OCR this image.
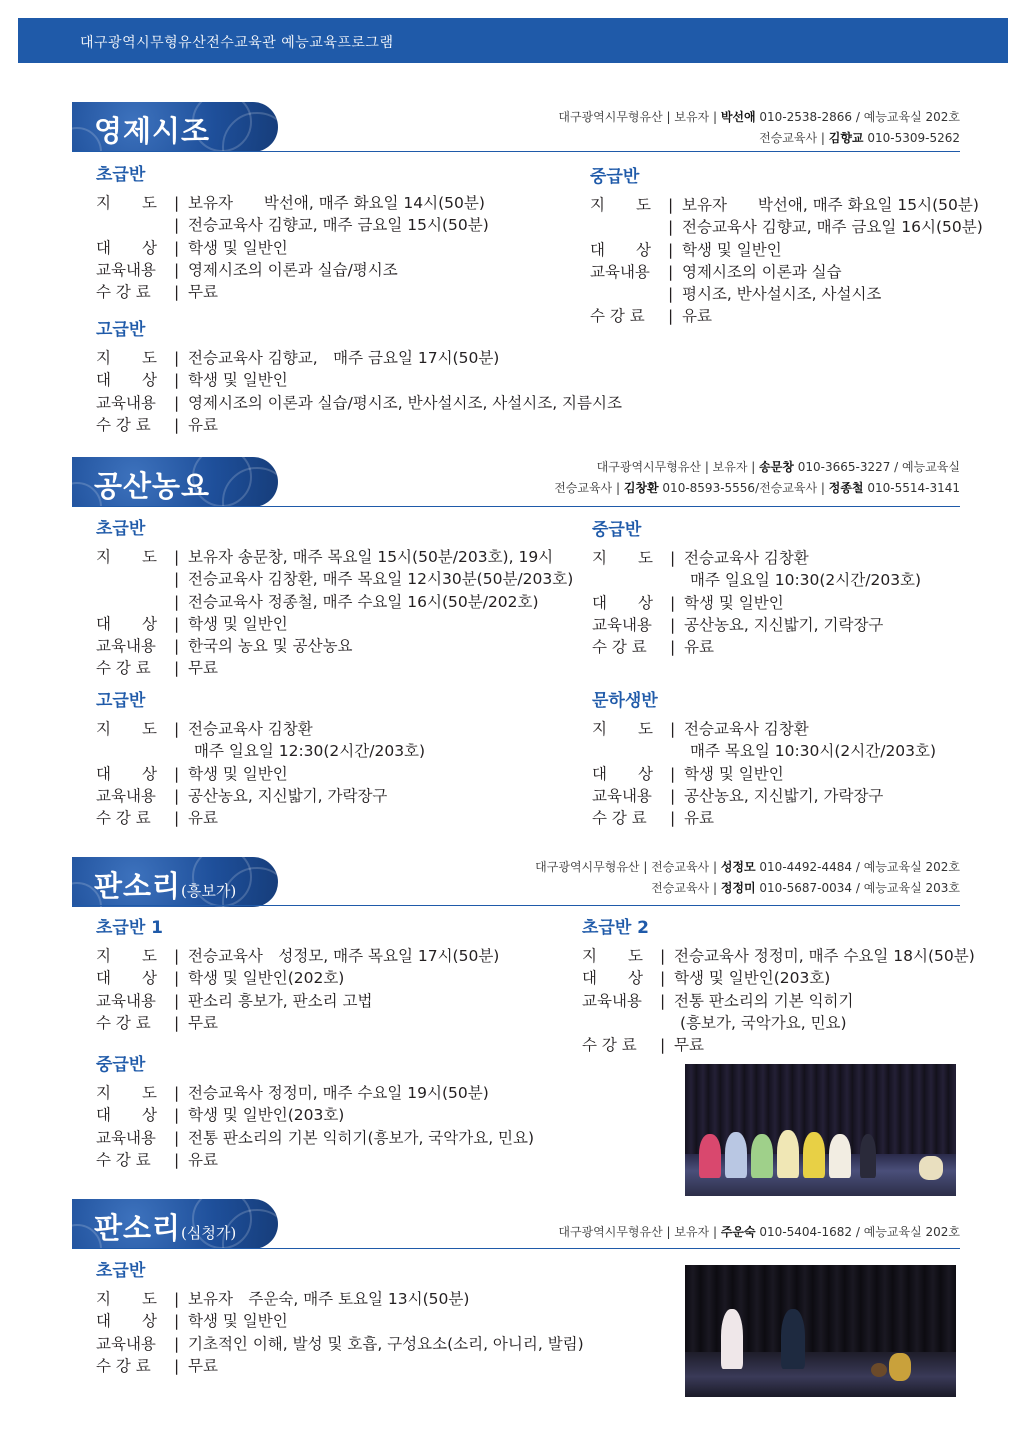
대구광역시무형유산전수교육관 예능교육프로그램
영제시조	대구광역시무형유산 | 보유자 | 박선애 010-2538-2866 / 예능교육실 202호
전승교육사 | 김향교 010-5309-5262
공산농요
대구광역시무형유산 | 보유자 | 송문창 010-3665-3227 / 예능교육실
전승교육사 | 김창환 010-8593-5556/전승교육사 | 정종철 010-5514-3141
판소리(흥보가)
대구광역시무형유산 | 전승교육사 | 성정모 010-4492-4484 / 예능교육실 202호
전승교육사 | 정정미 010-5687-0034 / 예능교육실 203호
판소리(심청가)	대구광역시무형유산 | 보유자 | 주운숙 010-5404-1682 / 예능교육실 202호
초급반
지　　도	| 보유자　　박선애, 매주 화요일 14시(50분)
| 전승교육사 김향교, 매주 금요일 15시(50분)
대　　상	| 학생 및 일반인
교육내용	| 영제시조의 이론과 실습/평시조
수 강 료	| 무료
중급반
지　　도	| 보유자　　박선애, 매주 화요일 15시(50분)
| 전승교육사 김향교, 매주 금요일 16시(50분)
대　　상	| 학생 및 일반인
교육내용	| 영제시조의 이론과 실습
| 평시조, 반사설시조, 사설시조
수 강 료	| 유료
고급반
지　　도	| 전승교육사 김향교,　매주 금요일 17시(50분)
대　　상	| 학생 및 일반인
교육내용	| 영제시조의 이론과 실습/평시조, 반사설시조, 사설시조, 지름시조
수 강 료	| 유료
초급반
지　　도	| 보유자 송문창, 매주 목요일 15시(50분/203호), 19시
| 전승교육사 김창환, 매주 목요일 12시30분(50분/203호)
| 전승교육사 정종철, 매주 수요일 16시(50분/202호)
대　　상	| 학생 및 일반인
교육내용	| 한국의 농요 및 공산농요
수 강 료	| 무료
중급반
지　　도	| 전승교육사 김창환
매주 일요일 10:30(2시간/203호)
대　　상	| 학생 및 일반인
교육내용	| 공산농요, 지신밟기, 기락장구
수 강 료	| 유료
고급반
지　　도	| 전승교육사 김창환
매주 일요일 12:30(2시간/203호)
대　　상	| 학생 및 일반인
교육내용	| 공산농요, 지신밟기, 가락장구
수 강 료	| 유료
문하생반
지　　도	| 전승교육사 김창환
매주 목요일 10:30시(2시간/203호)
대　　상	| 학생 및 일반인
교육내용	| 공산농요, 지신밟기, 가락장구
수 강 료	| 유료
초급반 1
지　　도	| 전승교육사　성정모, 매주 목요일 17시(50분)
대　　상	| 학생 및 일반인(202호)
교육내용	| 판소리 흥보가, 판소리 고법
수 강 료	| 무료
초급반 2
지　　도	| 전승교육사 정정미, 매주 수요일 18시(50분)
대　　상	| 학생 및 일반인(203호)
교육내용	| 전통 판소리의 기본 익히기
(흥보가, 국악가요, 민요)
수 강 료	| 무료
중급반
지　　도	| 전승교육사 정정미, 매주 수요일 19시(50분)
대　　상	| 학생 및 일반인(203호)
교육내용	| 전통 판소리의 기본 익히기(흥보가, 국악가요, 민요)
수 강 료	| 유료
초급반
지　　도	| 보유자　주운숙, 매주 토요일 13시(50분)
대　　상	| 학생 및 일반인
교육내용	| 기초적인 이해, 발성 및 호흡, 구성요소(소리, 아니리, 발림)
수 강 료	| 무료
